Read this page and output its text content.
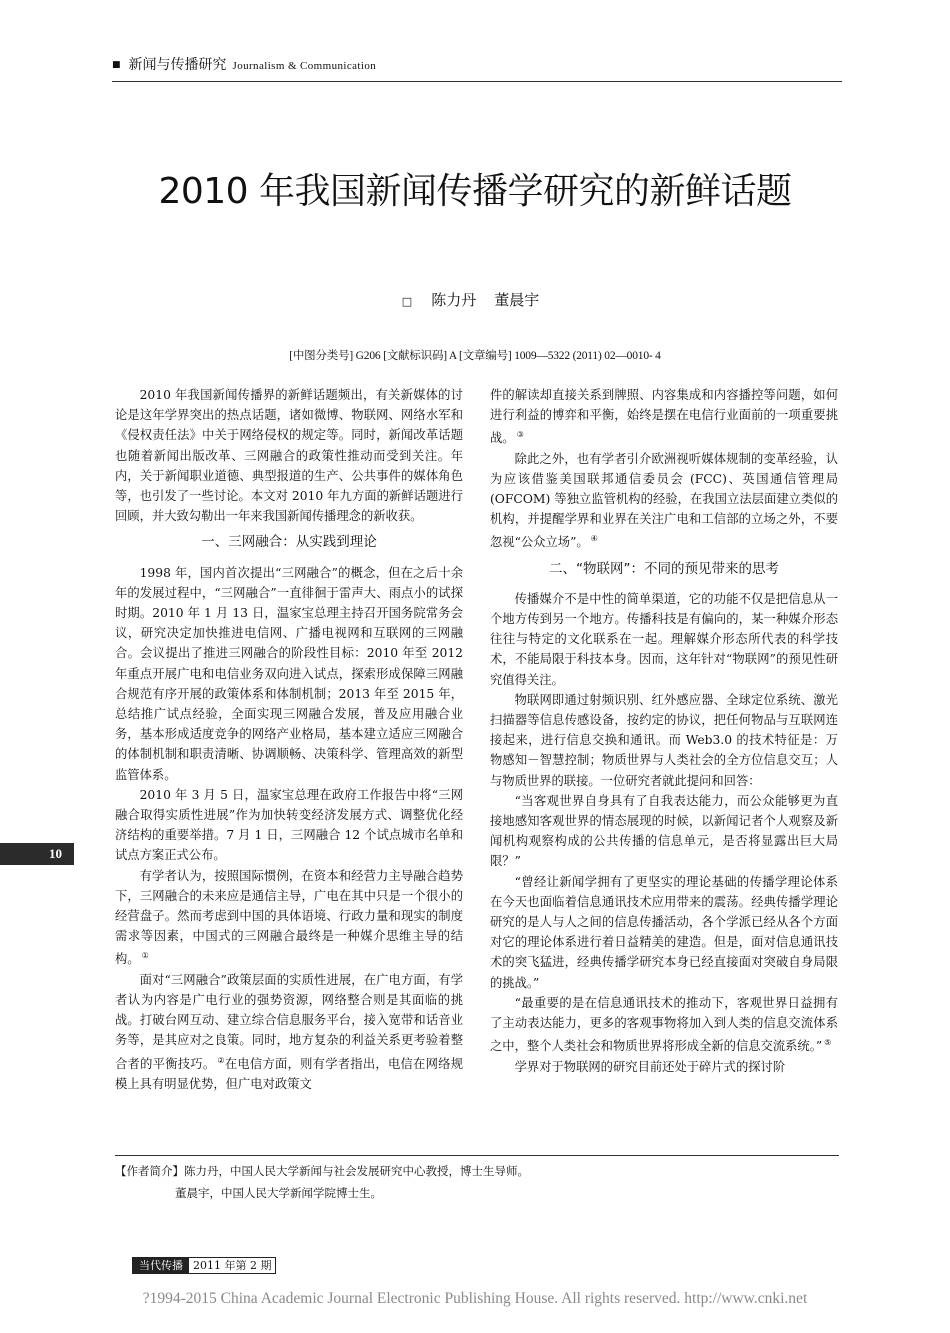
■ 新闻与传播研究 Journalism & Communication
2010 年我国新闻传播学研究的新鲜话题
□ 陈力丹 董晨宇
[中图分类号] G206 [文献标识码] A [文章编号] 1009—5322 (2011) 02—0010- 4

2010 年我国新闻传播界的新鲜话题频出，有关新媒体的讨论是这年学界突出的热点话题，诸如微博、物联网、网络水军和《侵权责任法》中关于网络侵权的规定等。同时，新闻改革话题也随着新闻出版改革、三网融合的政策性推动而受到关注。年内，关于新闻职业道德、典型报道的生产、公共事件的媒体角色等，也引发了一些讨论。本文对 2010 年九方面的新鲜话题进行回顾，并大致勾勒出一年来我国新闻传播理念的新收获。

一、三网融合：从实践到理论

1998 年，国内首次提出“三网融合”的概念，但在之后十余年的发展过程中，“三网融合”一直徘徊于雷声大、雨点小的试探时期。2010 年 1 月 13 日，温家宝总理主持召开国务院常务会议，研究决定加快推进电信网、广播电视网和互联网的三网融合。会议提出了推进三网融合的阶段性目标：2010 年至 2012 年重点开展广电和电信业务双向进入试点，探索形成保障三网融合规范有序开展的政策体系和体制机制；2013 年至 2015 年，总结推广试点经验，全面实现三网融合发展，普及应用融合业务，基本形成适度竞争的网络产业格局，基本建立适应三网融合的体制机制和职责清晰、协调顺畅、决策科学、管理高效的新型监管体系。

2010 年 3 月 5 日，温家宝总理在政府工作报告中将“三网融合取得实质性进展”作为加快转变经济发展方式、调整优化经济结构的重要举措。7 月 1 日，三网融合 12 个试点城市名单和试点方案正式公布。

有学者认为，按照国际惯例，在资本和经营力主导融合趋势下，三网融合的未来应是通信主导，广电在其中只是一个很小的经营盘子。然而考虑到中国的具体语境、行政力量和现实的制度需求等因素，中国式的三网融合最终是一种媒介思维主导的结构。 ①

面对“三网融合”政策层面的实质性进展，在广电方面，有学者认为内容是广电行业的强势资源，网络整合则是其面临的挑战。打破台网互动、建立综合信息服务平台，接入宽带和话音业务等，是其应对之良策。同时，地方复杂的利益关系更考验着整合者的平衡技巧。 ②在电信方面，则有学者指出，电信在网络规模上具有明显优势，但广电对政策文

件的解读却直接关系到牌照、内容集成和内容播控等问题，如何进行利益的博弈和平衡，始终是摆在电信行业面前的一项重要挑战。 ③

除此之外，也有学者引介欧洲视听媒体规制的变革经验，认为应该借鉴美国联邦通信委员会 (FCC)、英国通信管理局 (OFCOM) 等独立监管机构的经验，在我国立法层面建立类似的机构，并提醒学界和业界在关注广电和工信部的立场之外，不要忽视“公众立场”。 ④

二、“物联网”：不同的预见带来的思考

传播媒介不是中性的简单渠道，它的功能不仅是把信息从一个地方传到另一个地方。传播科技是有偏向的，某一种媒介形态往往与特定的文化联系在一起。理解媒介形态所代表的科学技术，不能局限于科技本身。因而，这年针对“物联网”的预见性研究值得关注。

物联网即通过射频识别、红外感应器、全球定位系统、激光扫描器等信息传感设备，按约定的协议，把任何物品与互联网连接起来，进行信息交换和通讯。而 Web3.0 的技术特征是：万物感知－智慧控制；物质世界与人类社会的全方位信息交互；人与物质世界的联接。一位研究者就此提问和回答：

“当客观世界自身具有了自我表达能力，而公众能够更为直接地感知客观世界的情态展现的时候，以新闻记者个人观察及新闻机构观察构成的公共传播的信息单元，是否将显露出巨大局限？”

“曾经让新闻学拥有了更坚实的理论基础的传播学理论体系在今天也面临着信息通讯技术应用带来的震荡。经典传播学理论研究的是人与人之间的信息传播活动，各个学派已经从各个方面对它的理论体系进行着日益精美的建造。但是，面对信息通讯技术的突飞猛进，经典传播学研究本身已经直接面对突破自身局限的挑战。”

“最重要的是在信息通讯技术的推动下，客观世界日益拥有了主动表达能力，更多的客观事物将加入到人类的信息交流体系之中，整个人类社会和物质世界将形成全新的信息交流系统。” ⑤

学界对于物联网的研究目前还处于碎片式的探讨阶

10
【作者简介】陈力丹，中国人民大学新闻与社会发展研究中心教授，博士生导师。
董晨宇，中国人民大学新闻学院博士生。
当代传播 2011 年第 2 期
?1994-2015 China Academic Journal Electronic Publishing House. All rights reserved. http://www.cnki.net
